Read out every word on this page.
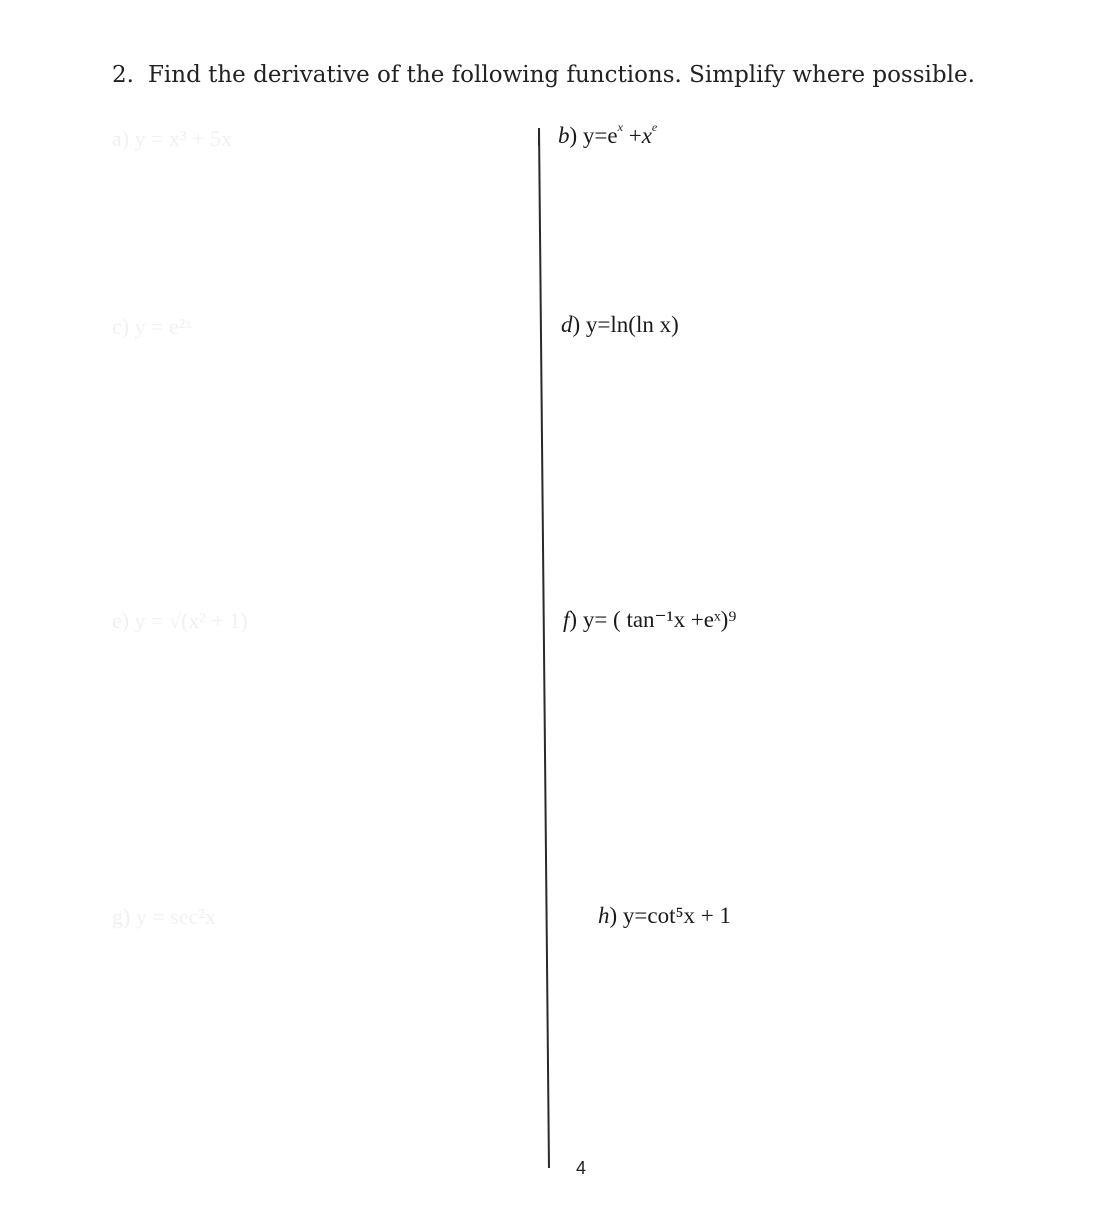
2. Find the derivative of the following functions. Simplify where possible.
a) y = x³ + 5x
c) y = e²ˣ
e) y = √(x² + 1)
g) y = sec²x
b) $y=e^x +x^e$
d) y=ln(ln x)
f) y= ( tan⁻¹x +eˣ)⁹
h) y=cot⁵x + 1
4
